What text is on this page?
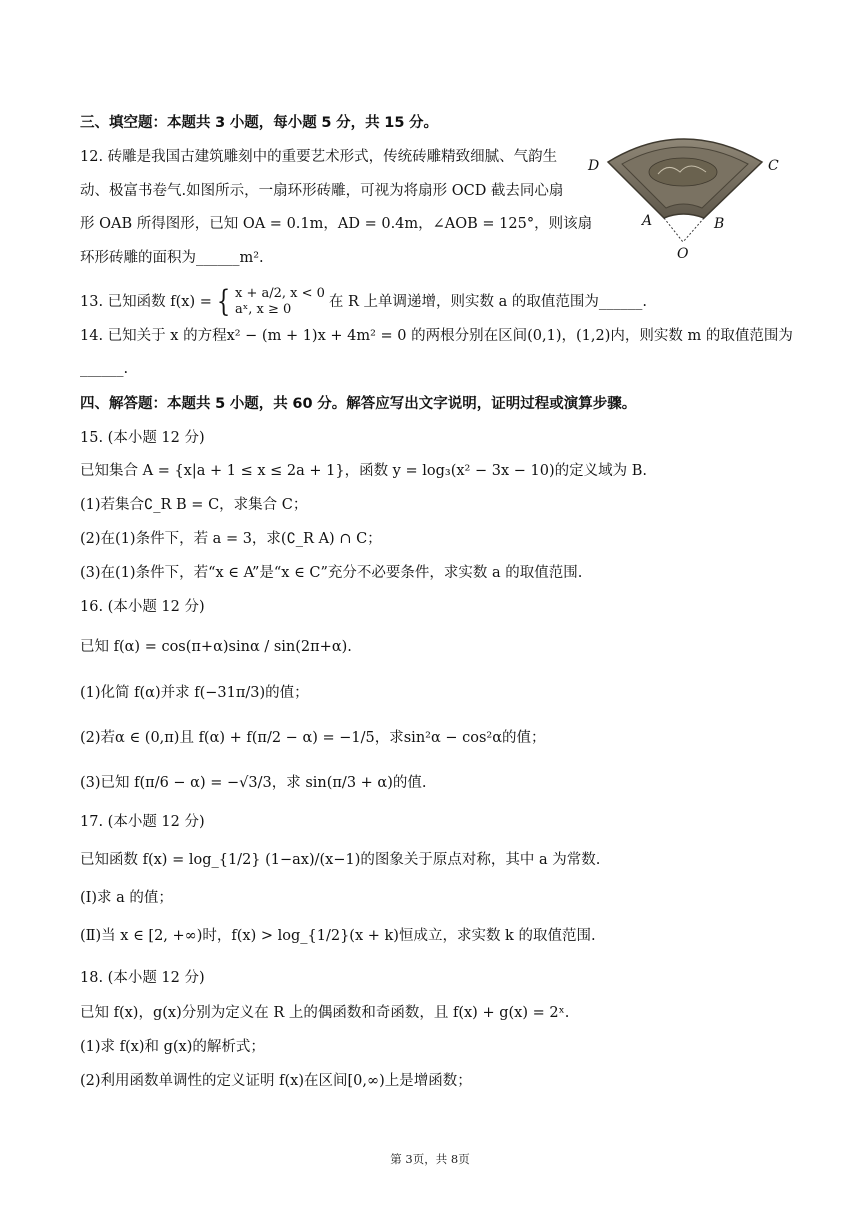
三、填空题：本题共 3 小题，每小题 5 分，共 15 分。
12. 砖雕是我国古建筑雕刻中的重要艺术形式，传统砖雕精致细腻、气韵生
动、极富书卷气.如图所示，一扇环形砖雕，可视为将扇形 OCD 截去同心扇
形 OAB 所得图形，已知 OA = 0.1m，AD = 0.4m，∠AOB = 125°，则该扇
环形砖雕的面积为______m².
D	C
A	B
O
13. 已知函数 f(x) = { x + a/2, x < 0
aˣ, x ≥ 0	在 R 上单调递增，则实数 a 的取值范围为______.
14. 已知关于 x 的方程x² − (m + 1)x + 4m² = 0 的两根分别在区间(0,1)，(1,2)内，则实数 m 的取值范围为
______.
四、解答题：本题共 5 小题，共 60 分。解答应写出文字说明，证明过程或演算步骤。
15. (本小题 12 分)
已知集合 A = {x|a + 1 ≤ x ≤ 2a + 1}，函数 y = log₃(x² − 3x − 10)的定义域为 B.
(1)若集合∁_R B = C，求集合 C；
(2)在(1)条件下，若 a = 3，求(∁_R A) ∩ C；
(3)在(1)条件下，若“x ∈ A”是“x ∈ C”充分不必要条件，求实数 a 的取值范围.
16. (本小题 12 分)
已知 f(α) = cos(π+α)sinα / sin(2π+α).
(1)化简 f(α)并求 f(−31π/3)的值；
(2)若α ∈ (0,π)且 f(α) + f(π/2 − α) = −1/5，求sin²α − cos²α的值；
(3)已知 f(π/6 − α) = −√3/3，求 sin(π/3 + α)的值.
17. (本小题 12 分)
已知函数 f(x) = log_{1/2} (1−ax)/(x−1)的图象关于原点对称，其中 a 为常数.
(Ⅰ)求 a 的值；
(Ⅱ)当 x ∈ [2, +∞)时，f(x) > log_{1/2}(x + k)恒成立，求实数 k 的取值范围.
18. (本小题 12 分)
已知 f(x)，g(x)分别为定义在 R 上的偶函数和奇函数，且 f(x) + g(x) = 2ˣ.
(1)求 f(x)和 g(x)的解析式；
(2)利用函数单调性的定义证明 f(x)在区间[0,∞)上是增函数；
第 3页，共 8页
